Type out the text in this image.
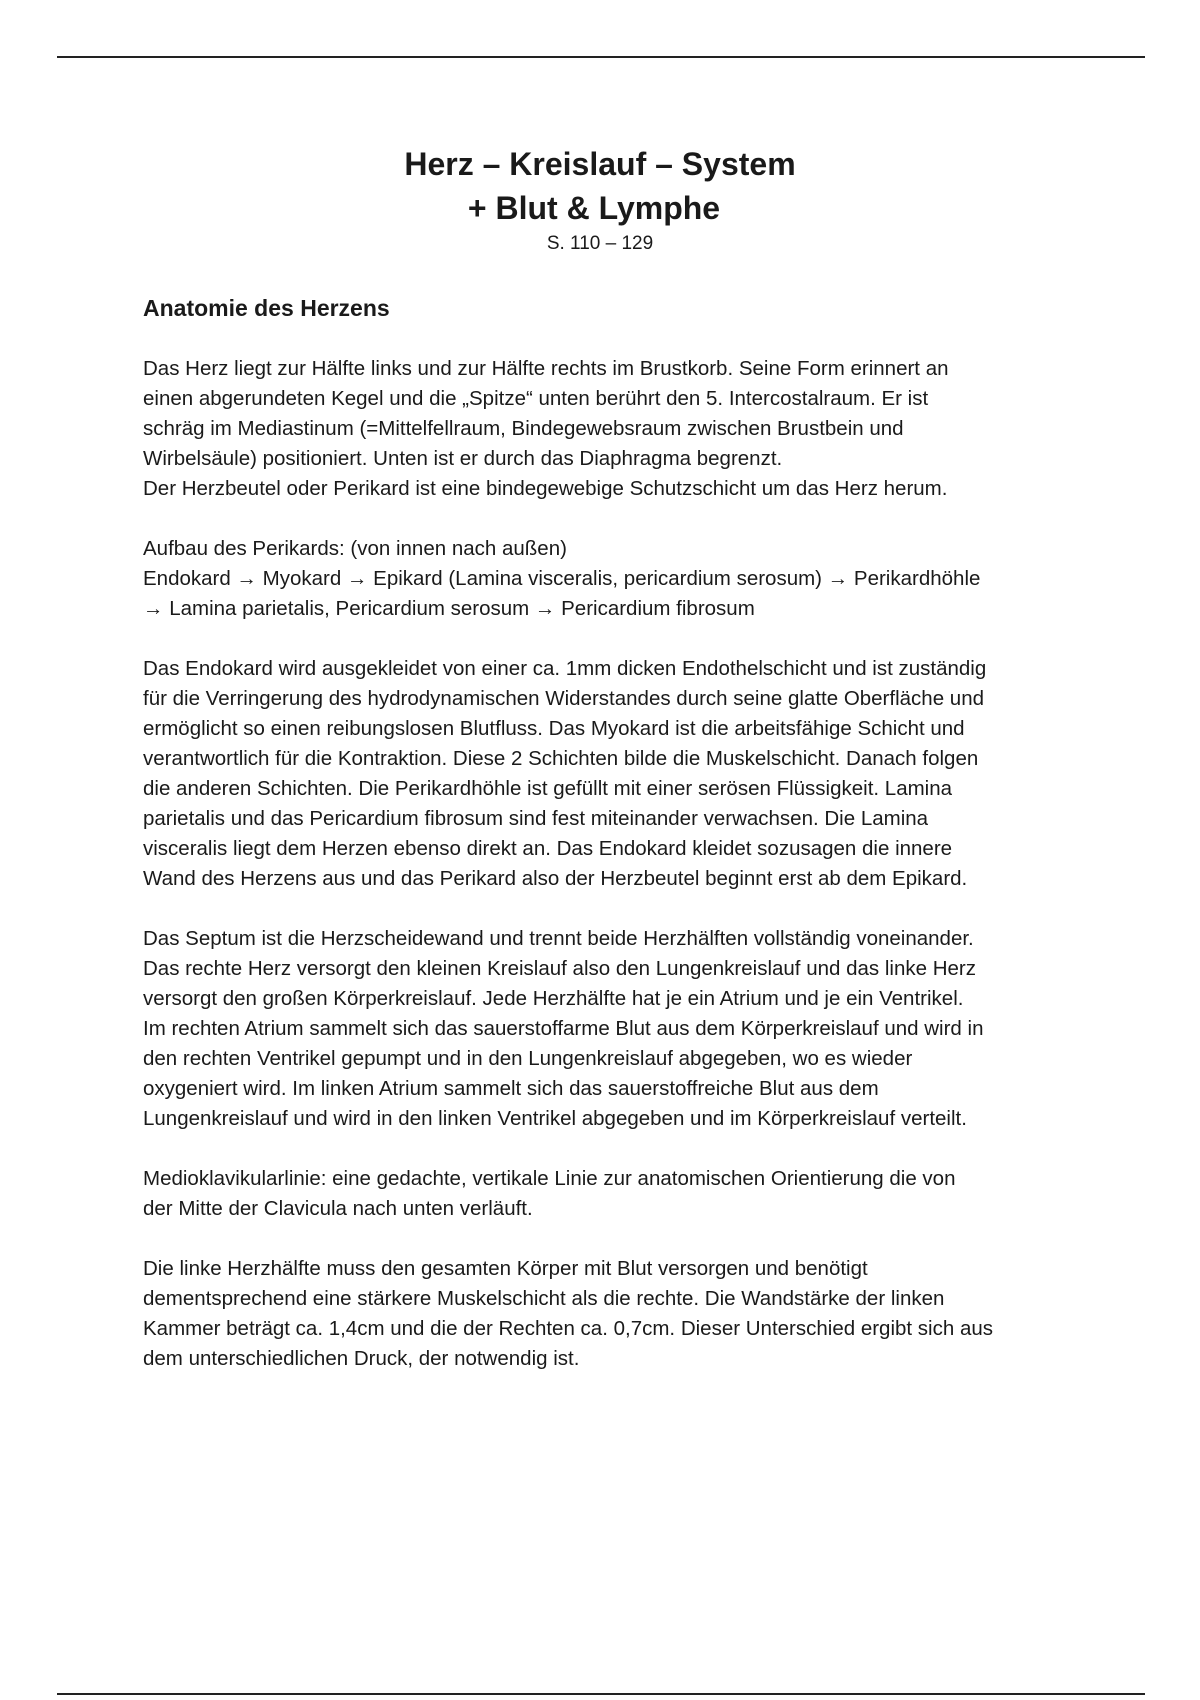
Herz – Kreislauf – System

+ Blut & Lymphe

S. 110 – 129

Anatomie des Herzens

Das Herz liegt zur Hälfte links und zur Hälfte rechts im Brustkorb. Seine Form erinnert an
einen abgerundeten Kegel und die „Spitze“ unten berührt den 5. Intercostalraum. Er ist
schräg im Mediastinum (=Mittelfellraum, Bindegewebsraum zwischen Brustbein und
Wirbelsäule) positioniert. Unten ist er durch das Diaphragma begrenzt.
Der Herzbeutel oder Perikard ist eine bindegewebige Schutzschicht um das Herz herum.

Aufbau des Perikards: (von innen nach außen)
Endokard → Myokard → Epikard (Lamina visceralis, pericardium serosum) → Perikardhöhle
→ Lamina parietalis, Pericardium serosum → Pericardium fibrosum

Das Endokard wird ausgekleidet von einer ca. 1mm dicken Endothelschicht und ist zuständig
für die Verringerung des hydrodynamischen Widerstandes durch seine glatte Oberfläche und
ermöglicht so einen reibungslosen Blutfluss. Das Myokard ist die arbeitsfähige Schicht und
verantwortlich für die Kontraktion. Diese 2 Schichten bilde die Muskelschicht. Danach folgen
die anderen Schichten. Die Perikardhöhle ist gefüllt mit einer serösen Flüssigkeit. Lamina
parietalis und das Pericardium fibrosum sind fest miteinander verwachsen. Die Lamina
visceralis liegt dem Herzen ebenso direkt an. Das Endokard kleidet sozusagen die innere
Wand des Herzens aus und das Perikard also der Herzbeutel beginnt erst ab dem Epikard.

Das Septum ist die Herzscheidewand und trennt beide Herzhälften vollständig voneinander.
Das rechte Herz versorgt den kleinen Kreislauf also den Lungenkreislauf und das linke Herz
versorgt den großen Körperkreislauf. Jede Herzhälfte hat je ein Atrium und je ein Ventrikel.
Im rechten Atrium sammelt sich das sauerstoffarme Blut aus dem Körperkreislauf und wird in
den rechten Ventrikel gepumpt und in den Lungenkreislauf abgegeben, wo es wieder
oxygeniert wird. Im linken Atrium sammelt sich das sauerstoffreiche Blut aus dem
Lungenkreislauf und wird in den linken Ventrikel abgegeben und im Körperkreislauf verteilt.

Medioklavikularlinie: eine gedachte, vertikale Linie zur anatomischen Orientierung die von
der Mitte der Clavicula nach unten verläuft.

Die linke Herzhälfte muss den gesamten Körper mit Blut versorgen und benötigt
dementsprechend eine stärkere Muskelschicht als die rechte. Die Wandstärke der linken
Kammer beträgt ca. 1,4cm und die der Rechten ca. 0,7cm. Dieser Unterschied ergibt sich aus
dem unterschiedlichen Druck, der notwendig ist.
